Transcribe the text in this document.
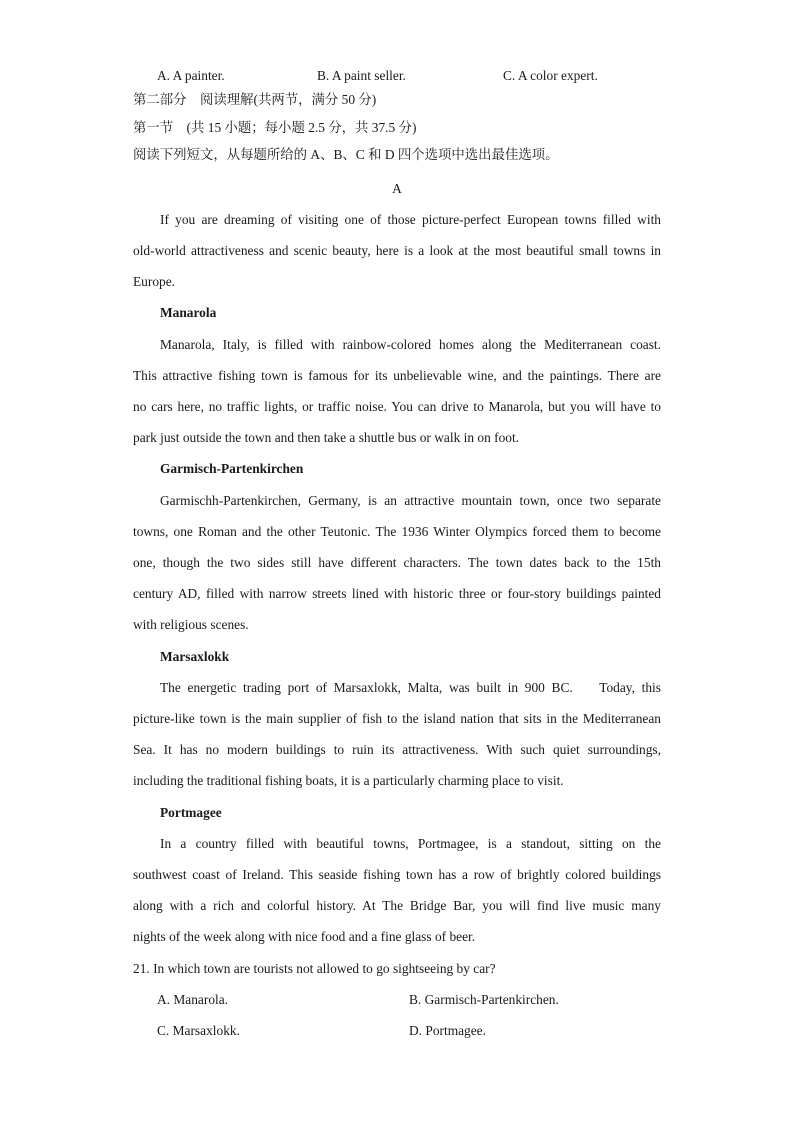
A. A painter.	B. A paint seller.	C. A color expert.
第二部分　阅读理解(共两节，满分 50 分)
第一节　(共 15 小题；每小题 2.5 分，共 37.5 分)
阅读下列短文，从每题所给的 A、B、C 和 D 四个选项中选出最佳选项。
A
If you are dreaming of visiting one of those picture-perfect European towns filled with
old-world attractiveness and scenic beauty, here is a look at the most beautiful small towns in
Europe.
Manarola
Manarola, Italy, is filled with rainbow-colored homes along the Mediterranean coast.
This attractive fishing town is famous for its unbelievable wine, and the paintings. There are
no cars here, no traffic lights, or traffic noise. You can drive to Manarola, but you will have to
park just outside the town and then take a shuttle bus or walk in on foot.
Garmisch-Partenkirchen
Garmischh-Partenkirchen, Germany, is an attractive mountain town, once two separate
towns, one Roman and the other Teutonic. The 1936 Winter Olympics forced them to become
one, though the two sides still have different characters. The town dates back to the 15th
century AD, filled with narrow streets lined with historic three or four-story buildings painted
with religious scenes.
Marsaxlokk
The energetic trading port of Marsaxlokk, Malta, was built in 900 BC.    Today, this
picture-like town is the main supplier of fish to the island nation that sits in the Mediterranean
Sea. It has no modern buildings to ruin its attractiveness. With such quiet surroundings,
including the traditional fishing boats, it is a particularly charming place to visit.
Portmagee
In a country filled with beautiful towns, Portmagee, is a standout, sitting on the
southwest coast of Ireland. This seaside fishing town has a row of brightly colored buildings
along with a rich and colorful history. At The Bridge Bar, you will find live music many
nights of the week along with nice food and a fine glass of beer.
21. In which town are tourists not allowed to go sightseeing by car?
A. Manarola.	B. Garmisch-Partenkirchen.
C. Marsaxlokk.	D. Portmagee.
